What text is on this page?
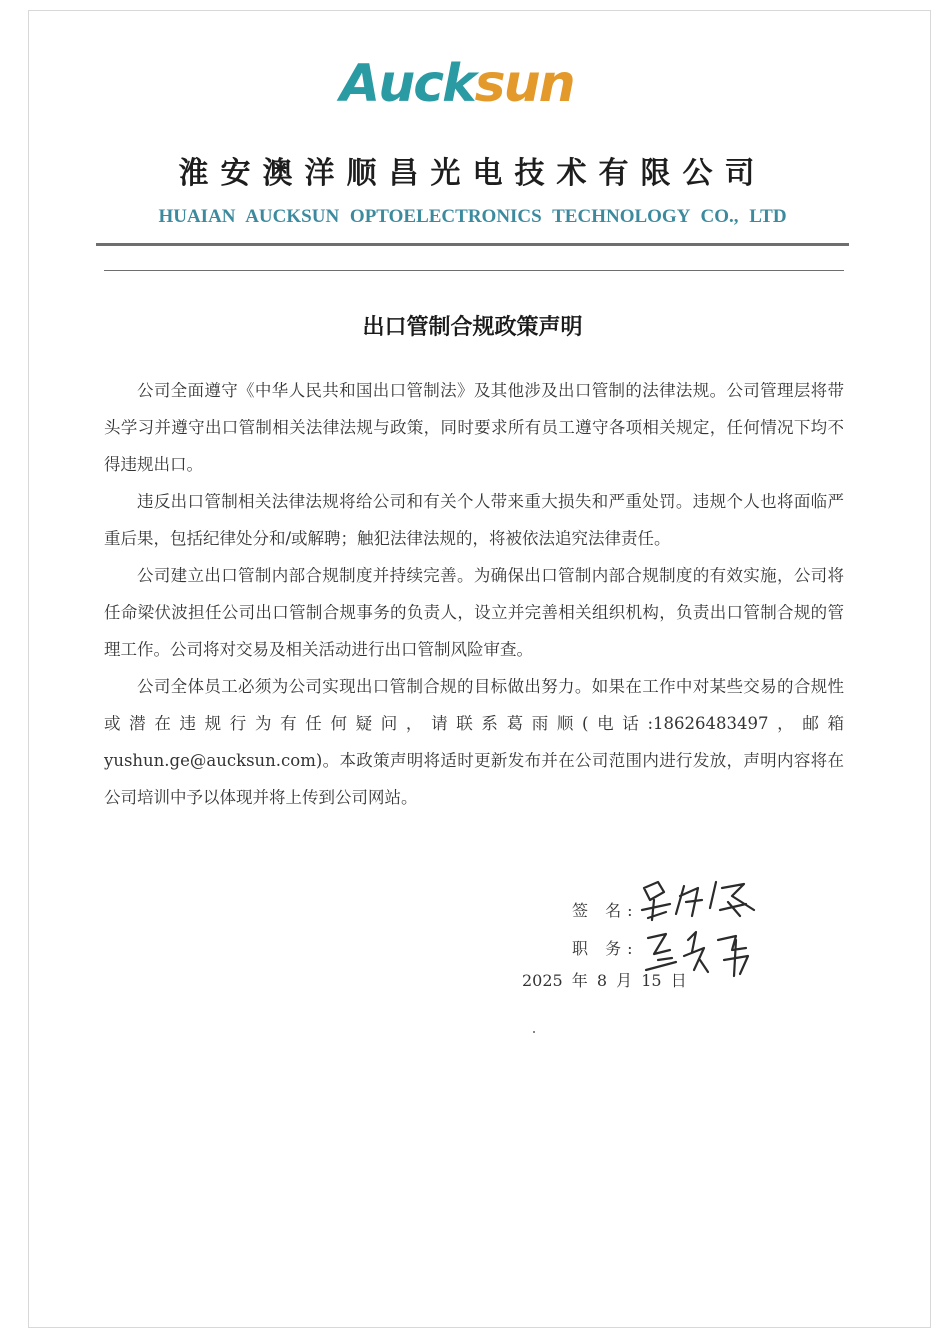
Aucksun
淮安澳洋顺昌光电技术有限公司
HUAIAN AUCKSUN OPTOELECTRONICS TECHNOLOGY CO., LTD
出口管制合规政策声明

公司全面遵守《中华人民共和国出口管制法》及其他涉及出口管制的法律法规。公司管理层将带头学习并遵守出口管制相关法律法规与政策，同时要求所有员工遵守各项相关规定，任何情况下均不得违规出口。

违反出口管制相关法律法规将给公司和有关个人带来重大损失和严重处罚。违规个人也将面临严重后果，包括纪律处分和/或解聘；触犯法律法规的，将被依法追究法律责任。

公司建立出口管制内部合规制度并持续完善。为确保出口管制内部合规制度的有效实施，公司将任命梁伏波担任公司出口管制合规事务的负责人，设立并完善相关组织机构，负责出口管制合规的管理工作。公司将对交易及相关活动进行出口管制风险审查。

公司全体员工必须为公司实现出口管制合规的目标做出努力。如果在工作中对某些交易的合规性或潜在违规行为有任何疑问，请联系葛雨顺(电话:18626483497，邮箱yushun.ge@aucksun.com)。本政策声明将适时更新发布并在公司范围内进行发放，声明内容将在公司培训中予以体现并将上传到公司网站。

签 名:
职 务:
2025 年 8 月 15 日
